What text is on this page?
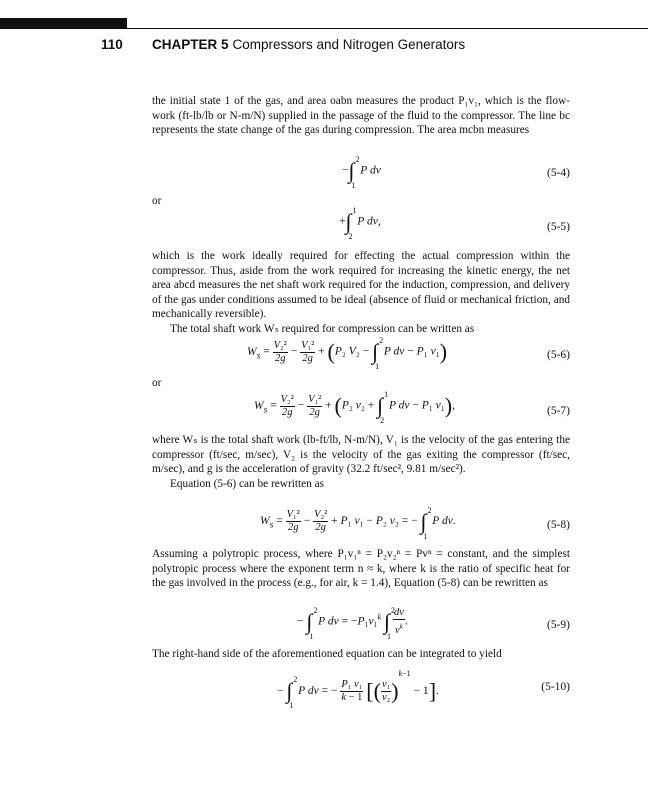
110 CHAPTER 5 Compressors and Nitrogen Generators

the initial state 1 of the gas, and area oabn measures the product P₁v₁, which is the flow-work (ft-lb/lb or N-m/N) supplied in the passage of the fluid to the compressor. The line bc represents the state change of the gas during compression. The area mcbn measures

−∫ 2
1
P dv	(5-4)

or

+∫ 1
2
P dv,	(5-5)

which is the work ideally required for effecting the actual compression within the compressor. Thus, aside from the work required for increasing the kinetic energy, the net area abcd measures the net shaft work required for the induction, compression, and delivery of the gas under conditions assumed to be ideal (absence of fluid or mechanical friction, and mechanically reversible).

The total shaft work Wₛ required for compression can be written as

$W_s = \frac{\text{V₂²}}{2g} - \frac{\text{V₁²}}{2g} + (P_2$ V₂ − ∫ 2
1
P dv − P₁ v₁)	(5-6)

or

$W_s = \frac{\text{V₂²}}{2g} - \frac{\text{V₁²}}{2g} + (P_2$ v₂ + ∫ 1
2
P dv − P₁ v₁),	(5-7)

where Wₛ is the total shaft work (lb-ft/lb, N-m/N), V₁ is the velocity of the gas entering the compressor (ft/sec, m/sec), V₂ is the velocity of the gas exiting the compressor (ft/sec, m/sec), and g is the acceleration of gravity (32.2 ft/sec², 9.81 m/sec²).

Equation (5-6) can be rewritten as

$W_s = \frac{\text{V₁²}}{2g} - \frac{\text{V₂²}}{2g} + P_1$ v₁ − P₂ v₂ = − ∫ 2
1
P dv.	(5-8)

Assuming a polytropic process, where P₁v₁ⁿ = P₂v₂ⁿ = Pvⁿ = constant, and the simplest polytropic process where the exponent term n ≈ k, where k is the ratio of specific heat for the gas involved in the process (e.g., for air, k = 1.4), Equation (5-8) can be rewritten as

− ∫ 2
1
P dv = −P₁v₁$^k$ ∫ 2
1
$\frac{dv}{v^k}$ .	(5-9)

The right-hand side of the aforementioned equation can be integrated to yield

− ∫ 2
1
P dv = − $\frac{\text{P₁ v₁}}{k - 1}$ [( $\frac{\text{v₁}}{\text{v₂}} )^{k-1} - 1$].	(5-10)
